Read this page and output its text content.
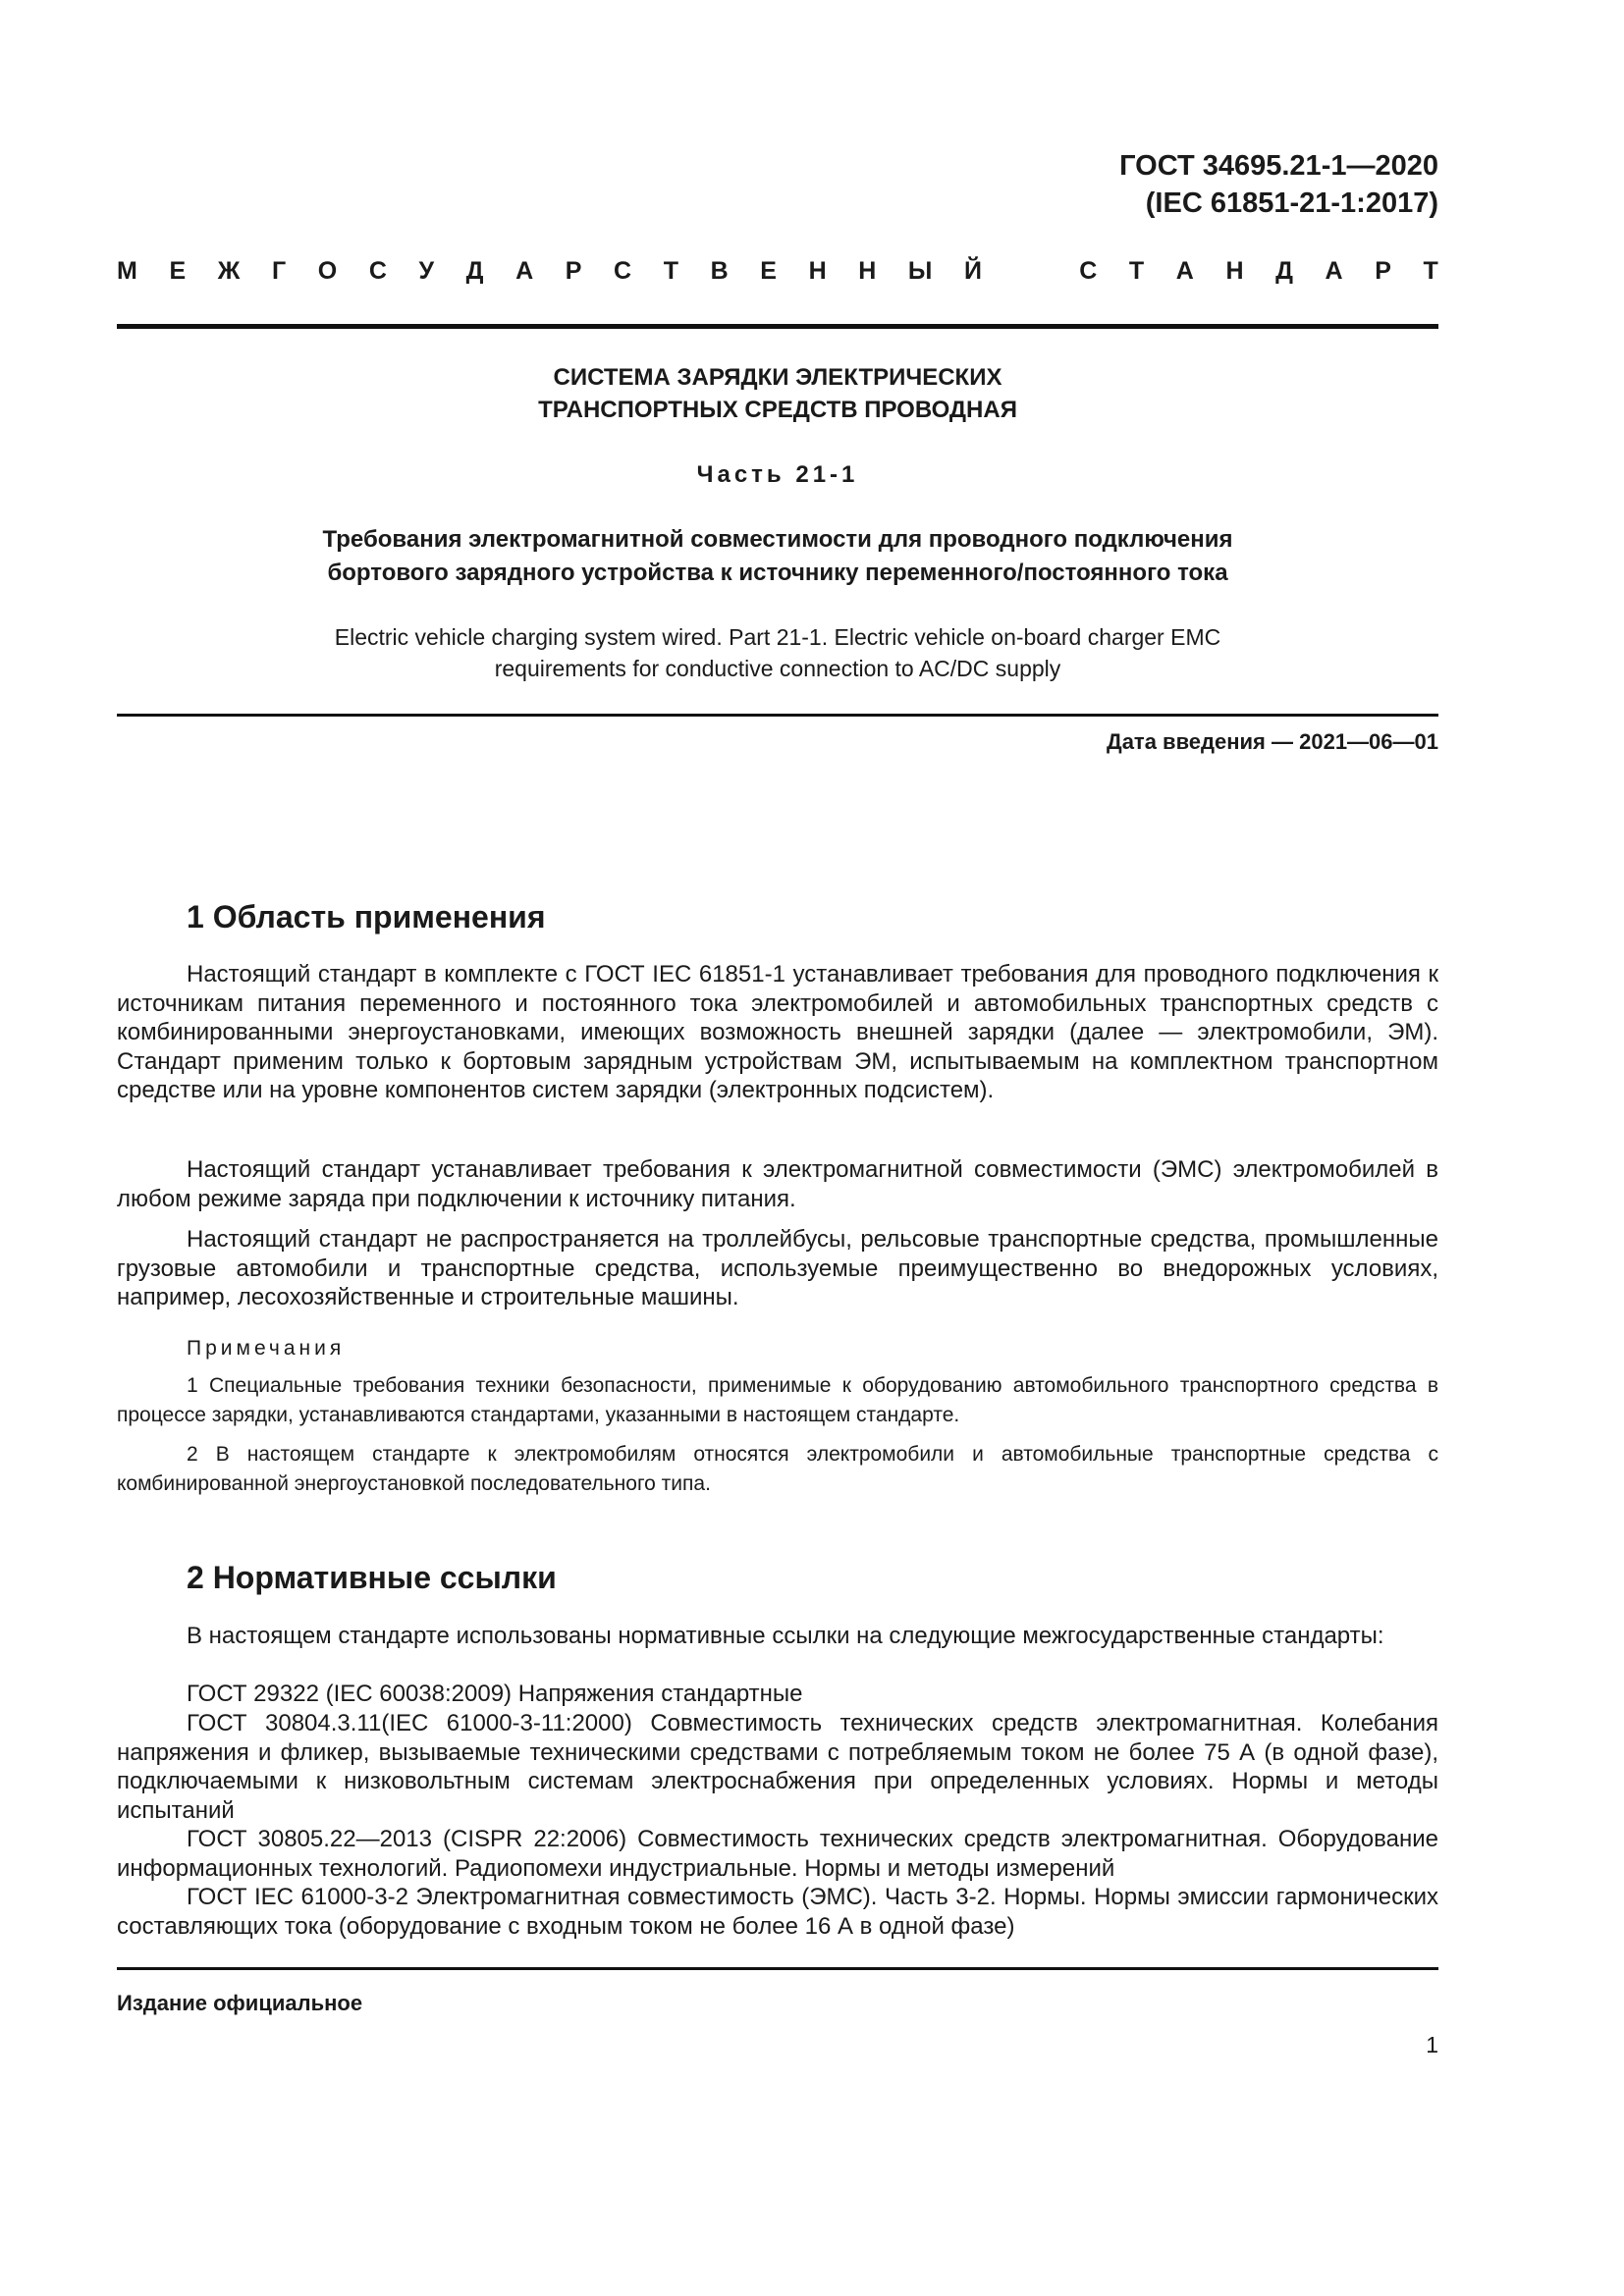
ГОСТ 34695.21-1—2020
(IEC 61851-21-1:2017)
М Е Ж Г О С У Д А Р С Т В Е Н Н Ы Й	С Т А Н Д А Р Т
СИСТЕМА ЗАРЯДКИ ЭЛЕКТРИЧЕСКИХ
ТРАНСПОРТНЫХ СРЕДСТВ ПРОВОДНАЯ
Часть 21-1
Требования электромагнитной совместимости для проводного подключения
бортового зарядного устройства к источнику переменного/постоянного тока
Electric vehicle charging system wired. Part 21-1. Electric vehicle on-board charger EMC
requirements for conductive connection to AC/DC supply
Дата введения — 2021—06—01
1 Область применения

Настоящий стандарт в комплекте с ГОСТ IEC 61851-1 устанавливает требования для проводного подключения к источникам питания переменного и постоянного тока электромобилей и автомобильных транспортных средств с комбинированными энергоустановками, имеющих возможность внешней зарядки (далее — электромобили, ЭМ). Стандарт применим только к бортовым зарядным устройствам ЭМ, испытываемым на комплектном транспортном средстве или на уровне компонентов систем зарядки (электронных подсистем).

Настоящий стандарт устанавливает требования к электромагнитной совместимости (ЭМС) электромобилей в любом режиме заряда при подключении к источнику питания.

Настоящий стандарт не распространяется на троллейбусы, рельсовые транспортные средства, промышленные грузовые автомобили и транспортные средства, используемые преимущественно во внедорожных условиях, например, лесохозяйственные и строительные машины.

Примечания

1 Специальные требования техники безопасности, применимые к оборудованию автомобильного транспортного средства в процессе зарядки, устанавливаются стандартами, указанными в настоящем стандарте.

2 В настоящем стандарте к электромобилям относятся электромобили и автомобильные транспортные средства с комбинированной энергоустановкой последовательного типа.

2 Нормативные ссылки

В настоящем стандарте использованы нормативные ссылки на следующие межгосударственные стандарты:

ГОСТ 29322 (IEC 60038:2009) Напряжения стандартные

ГОСТ 30804.3.11(IEC 61000-3-11:2000) Совместимость технических средств электромагнитная. Колебания напряжения и фликер, вызываемые техническими средствами с потребляемым током не более 75 А (в одной фазе), подключаемыми к низковольтным системам электроснабжения при определенных условиях. Нормы и методы испытаний

ГОСТ 30805.22—2013 (CISPR 22:2006) Совместимость технических средств электромагнитная. Оборудование информационных технологий. Радиопомехи индустриальные. Нормы и методы измерений

ГОСТ IEC 61000-3-2 Электромагнитная совместимость (ЭМС). Часть 3-2. Нормы. Нормы эмиссии гармонических составляющих тока (оборудование с входным током не более 16 А в одной фазе)

Издание официальное
1
